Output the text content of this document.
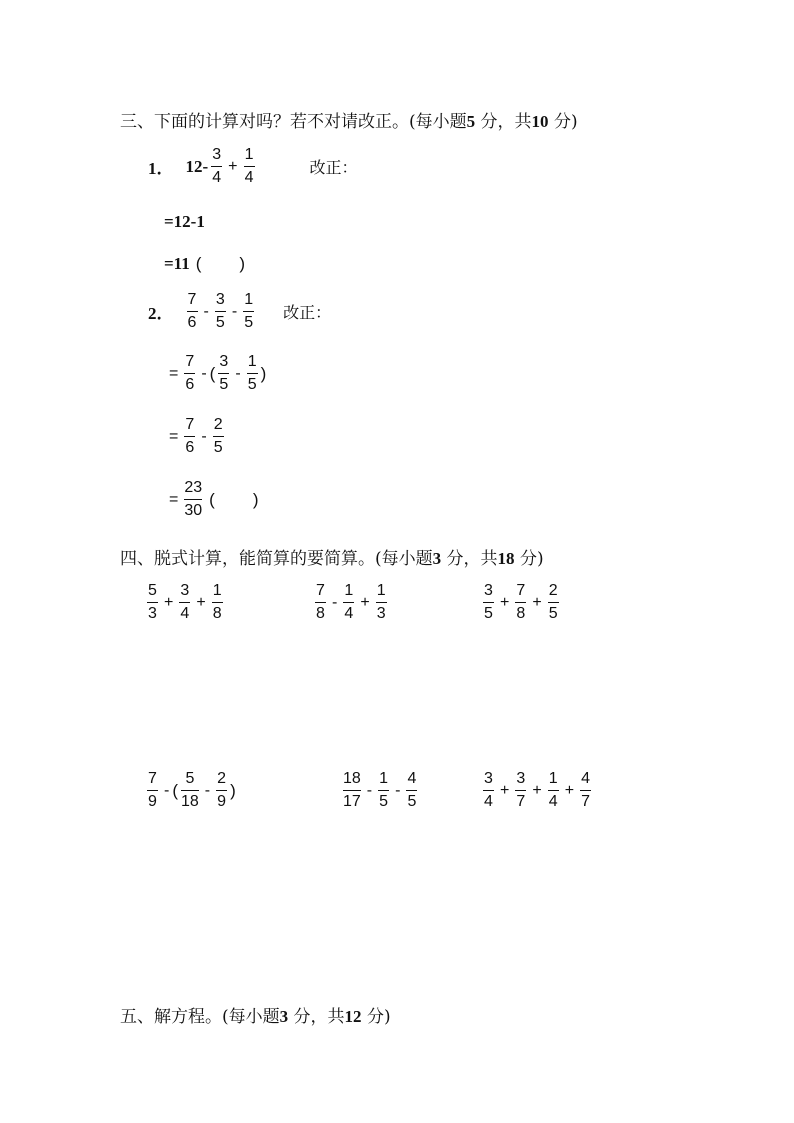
三、下面的计算对吗？若不对请改正。(每小题5 分，共10 分)
1． $12- \frac{3}{4} + \frac{1}{4}$	改正：
=12-1
=11 ( )
2． $\frac{7}{6} - \frac{3}{5} - \frac{1}{5}$ 改正：
= $\frac{7}{6}$ - ( $\frac{3}{5} - \frac{1}{5}$ )
= $\frac{7}{6} - \frac{2}{5}$
= $\frac{23}{30}$ ( )
四、脱式计算，能简算的要简算。(每小题3 分，共18 分)
$\frac{5}{3} + \frac{3}{4} + \frac{1}{8}$	$\frac{7}{8} - \frac{1}{4} + \frac{1}{3}$	$\frac{3}{5} + \frac{7}{8} + \frac{2}{5}$
$\frac{7}{9}$ - ( $\frac{5}{18} - \frac{2}{9}$ )	$\frac{18}{17} - \frac{1}{5} - \frac{4}{5}$	$\frac{3}{4} + \frac{3}{7} + \frac{1}{4} + \frac{4}{7}$
五、解方程。(每小题3 分，共12 分)
